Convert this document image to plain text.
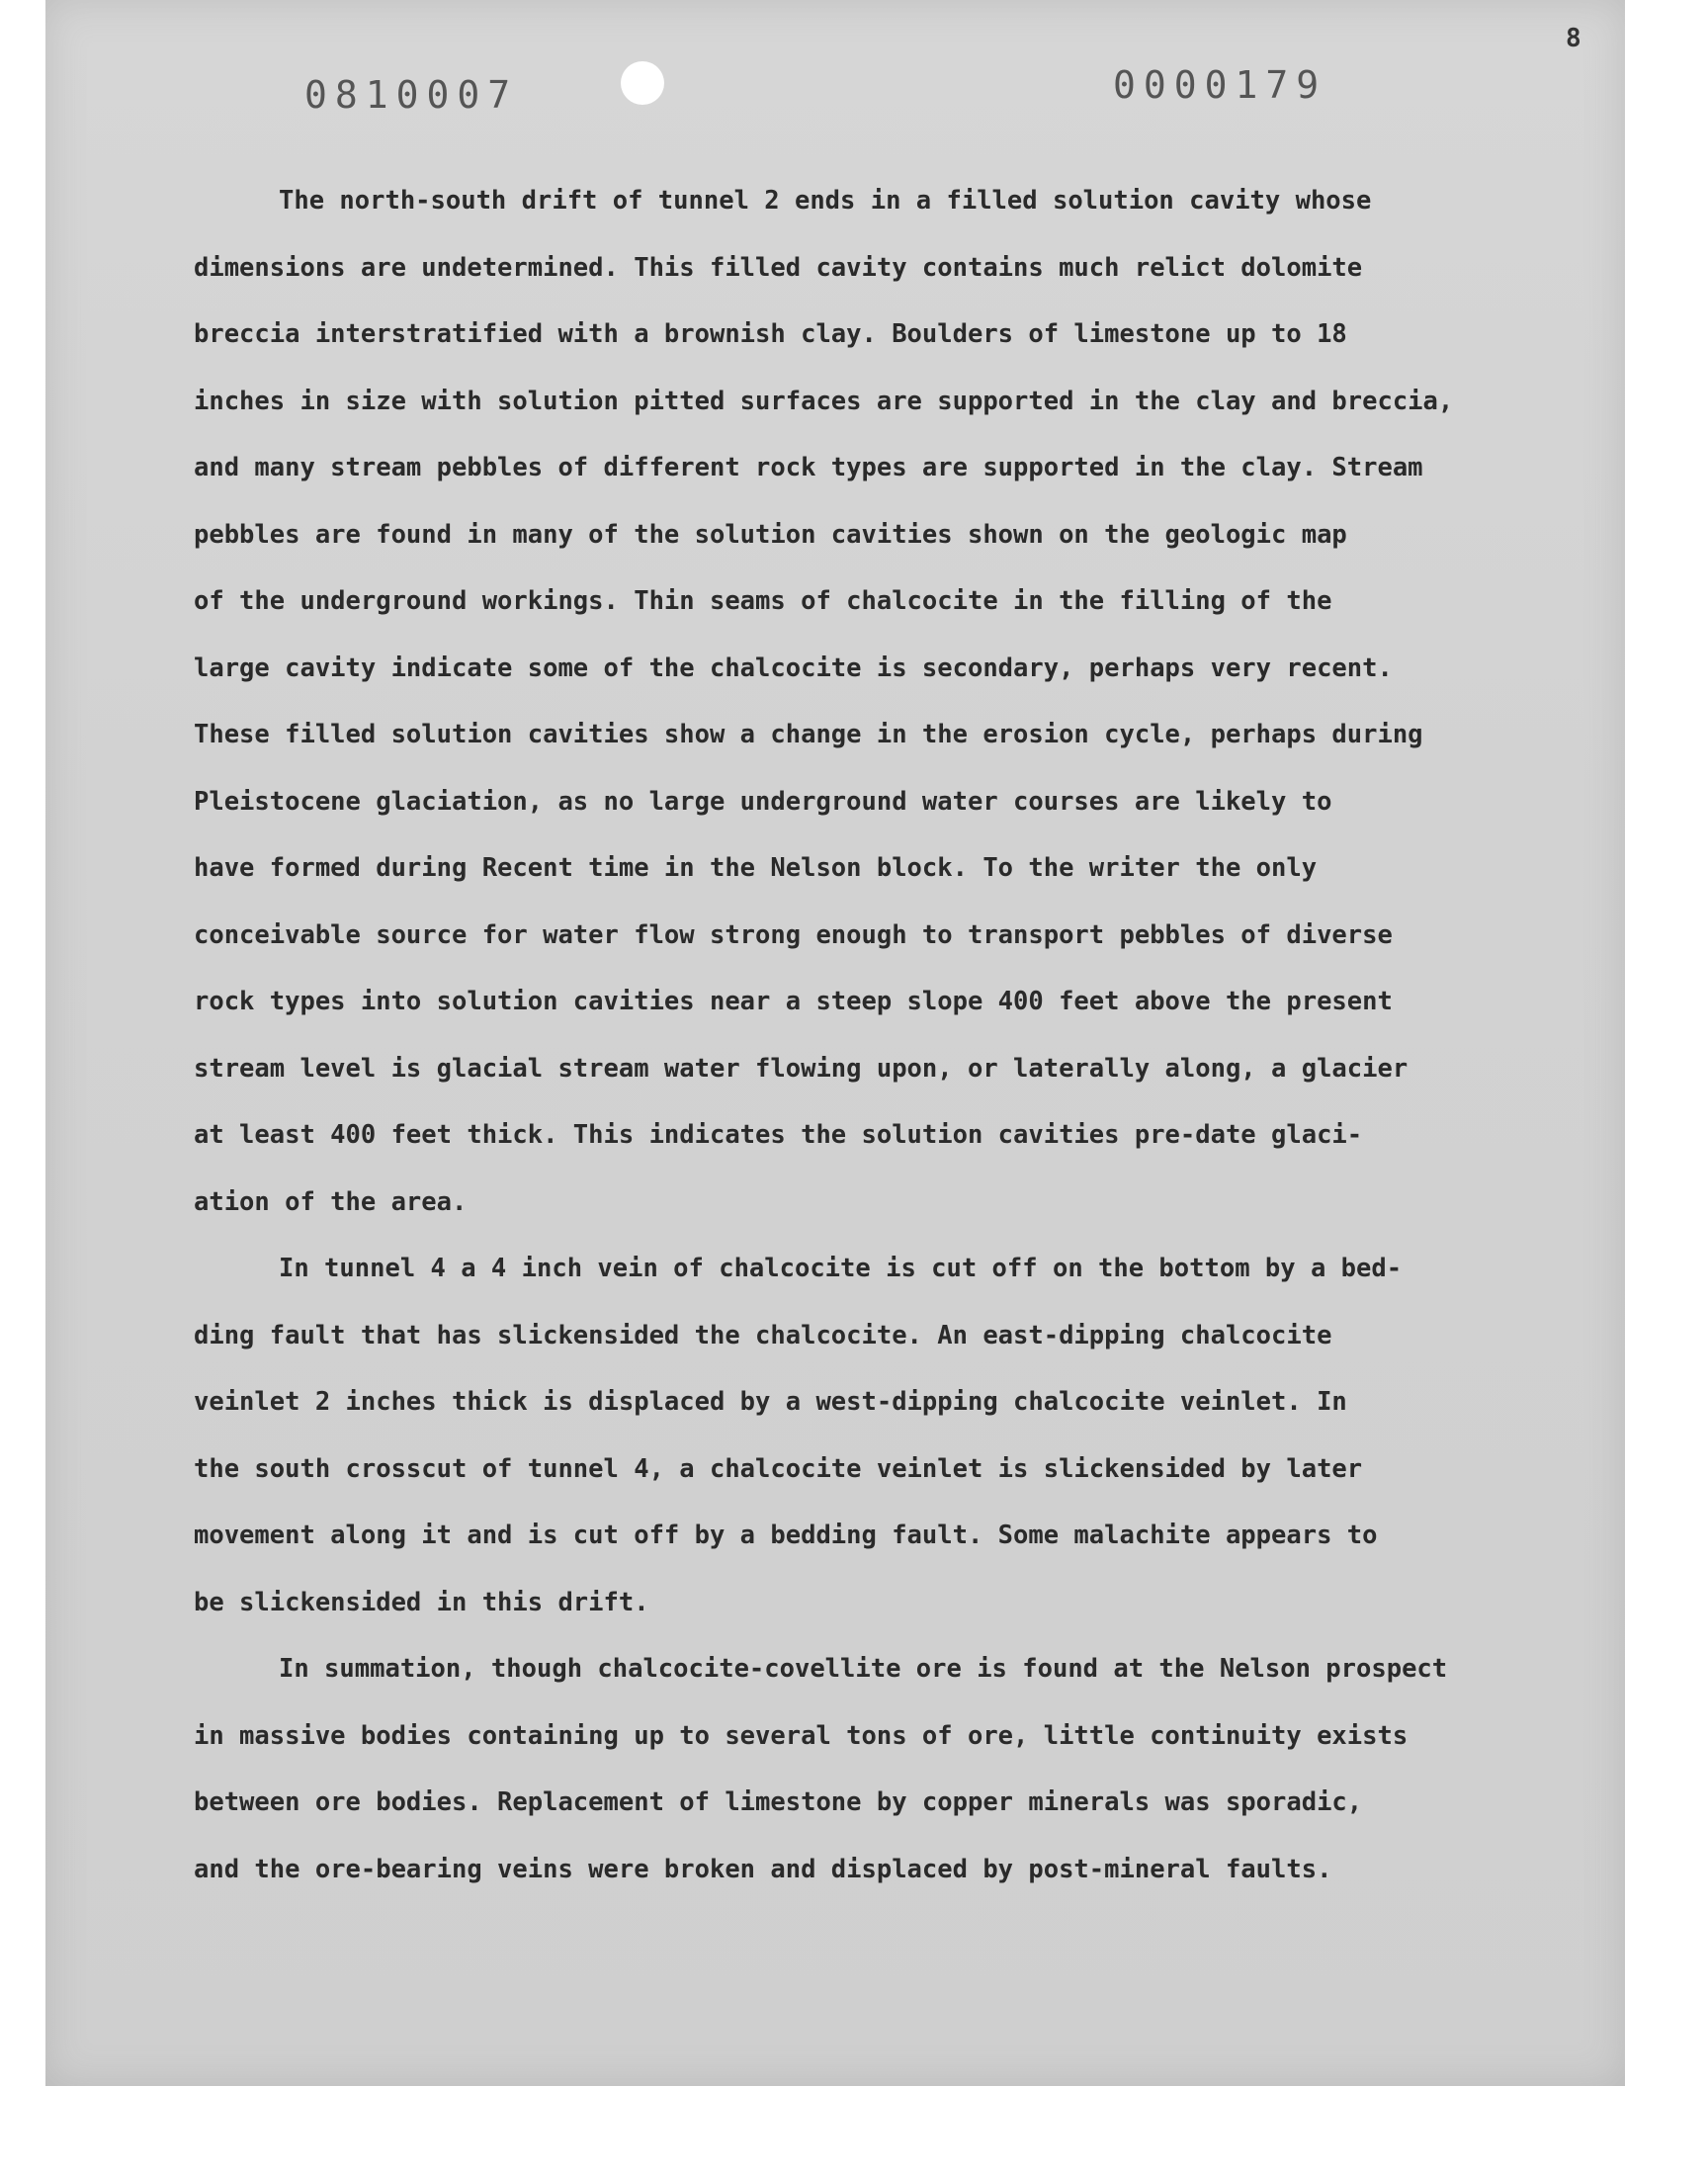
0810007	0000179
8
The north-south drift of tunnel 2 ends in a filled solution cavity whose
dimensions are undetermined. This filled cavity contains much relict dolomite
breccia interstratified with a brownish clay. Boulders of limestone up to 18
inches in size with solution pitted surfaces are supported in the clay and breccia,
and many stream pebbles of different rock types are supported in the clay. Stream
pebbles are found in many of the solution cavities shown on the geologic map
of the underground workings. Thin seams of chalcocite in the filling of the
large cavity indicate some of the chalcocite is secondary, perhaps very recent.
These filled solution cavities show a change in the erosion cycle, perhaps during
Pleistocene glaciation, as no large underground water courses are likely to
have formed during Recent time in the Nelson block. To the writer the only
conceivable source for water flow strong enough to transport pebbles of diverse
rock types into solution cavities near a steep slope 400 feet above the present
stream level is glacial stream water flowing upon, or laterally along, a glacier
at least 400 feet thick. This indicates the solution cavities pre-date glaci-
ation of the area.
In tunnel 4 a 4 inch vein of chalcocite is cut off on the bottom by a bed-
ding fault that has slickensided the chalcocite. An east-dipping chalcocite
veinlet 2 inches thick is displaced by a west-dipping chalcocite veinlet. In
the south crosscut of tunnel 4, a chalcocite veinlet is slickensided by later
movement along it and is cut off by a bedding fault. Some malachite appears to
be slickensided in this drift.
In summation, though chalcocite-covellite ore is found at the Nelson prospect
in massive bodies containing up to several tons of ore, little continuity exists
between ore bodies. Replacement of limestone by copper minerals was sporadic,
and the ore-bearing veins were broken and displaced by post-mineral faults.
